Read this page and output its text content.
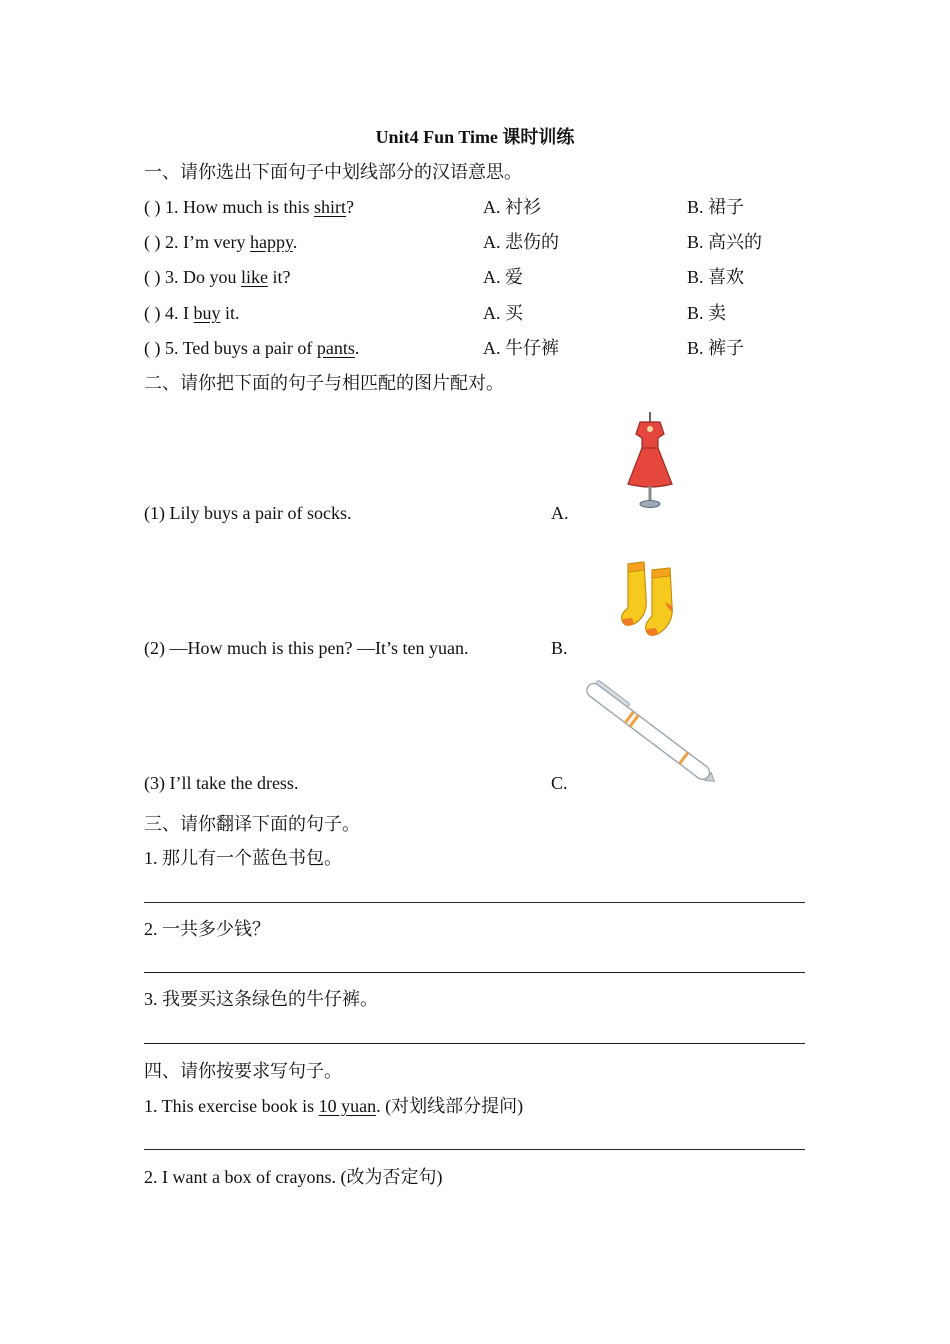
Unit4 Fun Time 课时训练
一、请你选出下面句子中划线部分的汉语意思。
( ) 1. How much is this shirt?	A. 衬衫	B. 裙子
( ) 2. I’m very happy.	A. 悲伤的	B. 高兴的
( ) 3. Do you like it?	A. 爱	B. 喜欢
( ) 4. I buy it.	A. 买	B. 卖
( ) 5. Ted buys a pair of pants.	A. 牛仔裤	B. 裤子
二、请你把下面的句子与相匹配的图片配对。
(1) Lily buys a pair of socks.	A.
(2) —How much is this pen? —It’s ten yuan.	B.
(3) I’ll take the dress.	C.
三、请你翻译下面的句子。
1. 那儿有一个蓝色书包。
2. 一共多少钱？
3. 我要买这条绿色的牛仔裤。
四、请你按要求写句子。
1. This exercise book is 10 yuan. (对划线部分提问)
2. I want a box of crayons. (改为否定句)
